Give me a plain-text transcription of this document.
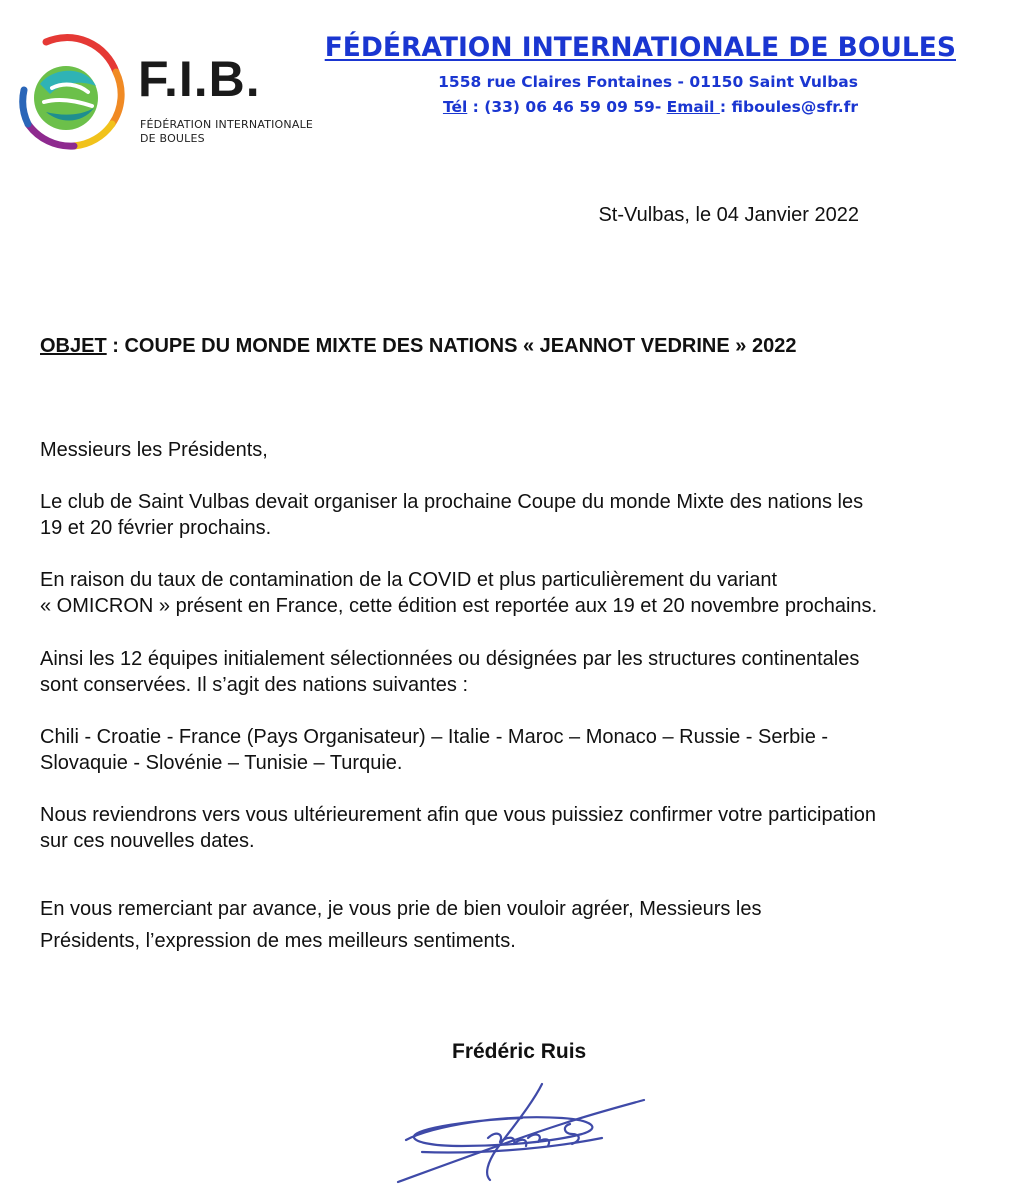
F.I.B.
FÉDÉRATION INTERNATIONALE
DE BOULES
FÉDÉRATION INTERNATIONALE DE BOULES
1558 rue Claires Fontaines - 01150 Saint Vulbas
Tél : (33) 06 46 59 09 59- Email : fiboules@sfr.fr
St-Vulbas, le 04 Janvier 2022
OBJET : COUPE DU MONDE MIXTE DES NATIONS « JEANNOT VEDRINE » 2022

Messieurs les Présidents,

Le club de Saint Vulbas devait organiser la prochaine Coupe du monde Mixte des nations les
19 et 20 février prochains.

En raison du taux de contamination de la COVID et plus particulièrement du variant
« OMICRON » présent en France, cette édition est reportée aux 19 et 20 novembre prochains.

Ainsi les 12 équipes initialement sélectionnées ou désignées par les structures continentales
sont conservées. Il s’agit des nations suivantes :

Chili - Croatie - France (Pays Organisateur) – Italie - Maroc – Monaco – Russie - Serbie -
Slovaquie - Slovénie – Tunisie – Turquie.

Nous reviendrons vers vous ultérieurement afin que vous puissiez confirmer votre participation
sur ces nouvelles dates.

En vous remerciant par avance, je vous prie de bien vouloir agréer, Messieurs les
Présidents, l’expression de mes meilleurs sentiments.

Frédéric Ruis
